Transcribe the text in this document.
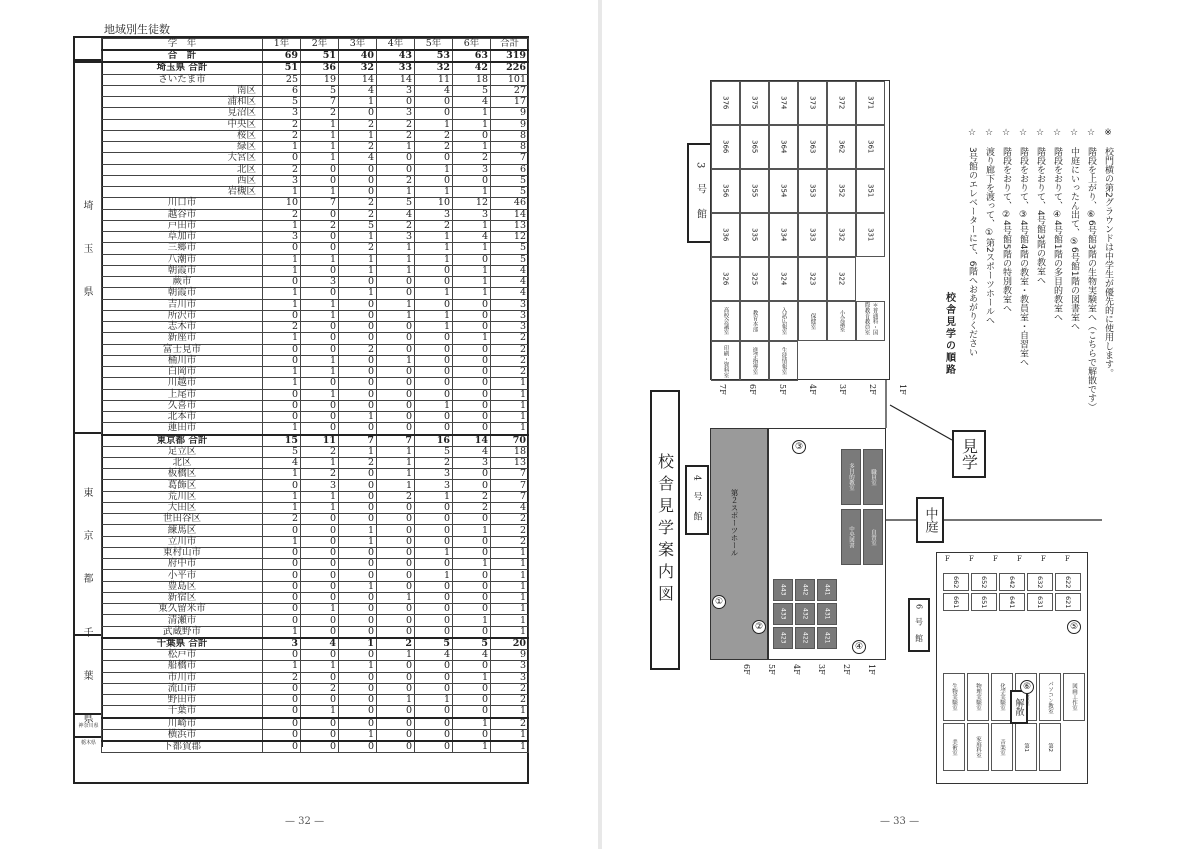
地域別生徒数
埼
玉
県
東
京
都
千
葉
県
神奈川県
栃木県
学　年	1年	2年	3年	4年	5年	6年	合計
合　計	69	51	40	43	53	63	319
埼玉県 合計	51	36	32	33	32	42	226
さいたま市	25	19	14	14	11	18	101
南区	6	5	4	3	4	5	27
浦和区	5	7	1	0	0	4	17
見沼区	3	2	0	3	0	1	9
中央区	2	1	2	2	1	1	9
桜区	2	1	1	2	2	0	8
緑区	1	1	2	1	2	1	8
大宮区	0	1	4	0	0	2	7
北区	2	0	0	0	1	3	6
西区	3	0	0	2	0	0	5
岩槻区	1	1	0	1	1	1	5
川口市	10	7	2	5	10	12	46
越谷市	2	0	2	4	3	3	14
戸田市	1	2	5	2	2	1	13
草加市	3	0	1	3	1	4	12
三郷市	0	0	2	1	1	1	5
八潮市	1	1	1	1	1	0	5
朝霞市	1	0	1	1	0	1	4
蕨市	0	3	0	0	0	1	4
朝霞市	1	0	1	0	1	1	4
吉川市	1	1	0	1	0	0	3
所沢市	0	1	0	1	1	0	3
志木市	2	0	0	0	1	0	3
新座市	1	0	0	0	0	1	2
富士見市	0	0	2	0	0	0	2
桶川市	0	1	0	1	0	0	2
白岡市	1	1	0	0	0	0	2
川越市	1	0	0	0	0	0	1
上尾市	0	1	0	0	0	0	1
久喜市	0	0	0	0	1	0	1
北本市	0	0	1	0	0	0	1
蓮田市	1	0	0	0	0	0	1
東京都 合計	15	11	7	7	16	14	70
足立区	5	2	1	1	5	4	18
北区	4	1	2	1	2	3	13
板橋区	1	2	0	1	3	0	7
葛飾区	0	3	0	1	3	0	7
荒川区	1	1	0	2	1	2	7
大田区	1	1	0	0	0	2	4
世田谷区	2	0	0	0	0	0	2
練馬区	0	0	1	0	0	1	2
立川市	1	0	1	0	0	0	2
東村山市	0	0	0	0	1	0	1
府中市	0	0	0	0	0	1	1
小平市	0	0	0	0	1	0	1
豊島区	0	0	1	0	0	0	1
新宿区	0	0	0	1	0	0	1
東久留米市	0	1	0	0	0	0	1
清瀬市	0	0	0	0	0	1	1
武蔵野市	1	0	0	0	0	0	1
千葉県 合計	3	4	1	2	5	5	20
松戸市	0	0	0	1	4	4	9
船橋市	1	1	1	0	0	0	3
市川市	2	0	0	0	0	1	3
流山市	0	2	0	0	0	0	2
野田市	0	0	0	1	1	0	2
千葉市	0	1	0	0	0	0	1
川崎市	0	0	0	0	0	1	2
横浜市	0	0	1	0	0	0	1
下都賀郡	0	0	0	0	0	1	1
— 32 —
校舎見学案内図
3 号 館
376	375	374	373	372	371
366	365	364	363	362	361
356	355	354	353	352	351
336	335	334	333	332	331
326	325	324	323	322
高校会議室	教育本部	入試広報室	保健室	小会議室	＊普通科・国際教育教員室
印刷・資料室	進学指導室	生徒情報室
7F	6F	5F	4F	3F	2F	1F
4 号 館	第２スポーツホール
443	442	441
433	432	431
423	422	421
多目的教室	職員室
中央図書	自習室
6F 5F 4F 3F 2F 1F
見学
中庭
6 号 館
662
661
652
651
642
641
632
631
622
621
生物実験室	物理実験室	化学実験室	パソコン教室	図画工作室
美術室	家庭科室	音楽室	第1	第2
F	F	F	F	F	F
解散
校舎見学の順路 ☆　3号館のエレベーターにて、6階へおあがりください ☆　渡り廊下を渡って、①第2スポーツホールへ ☆　階段をおりて、②4号館5階の特別教室へ ☆　階段をおりて、③4号館4階の教室・教員室・自習室へ ☆　階段をおりて、4号館3階の教室へ ☆　階段をおりて、④4号館1階の多目的教室へ ☆　中庭にいったん出て、⑤6号館1階の図書室へ ☆　階段を上がり、⑥6号館3階の生物実験室へ（こちらで解散です） ※　校門横の第2グラウンドは中学生が優先的に使用します。
— 33 —
①
②
③
④
⑤
⑥
